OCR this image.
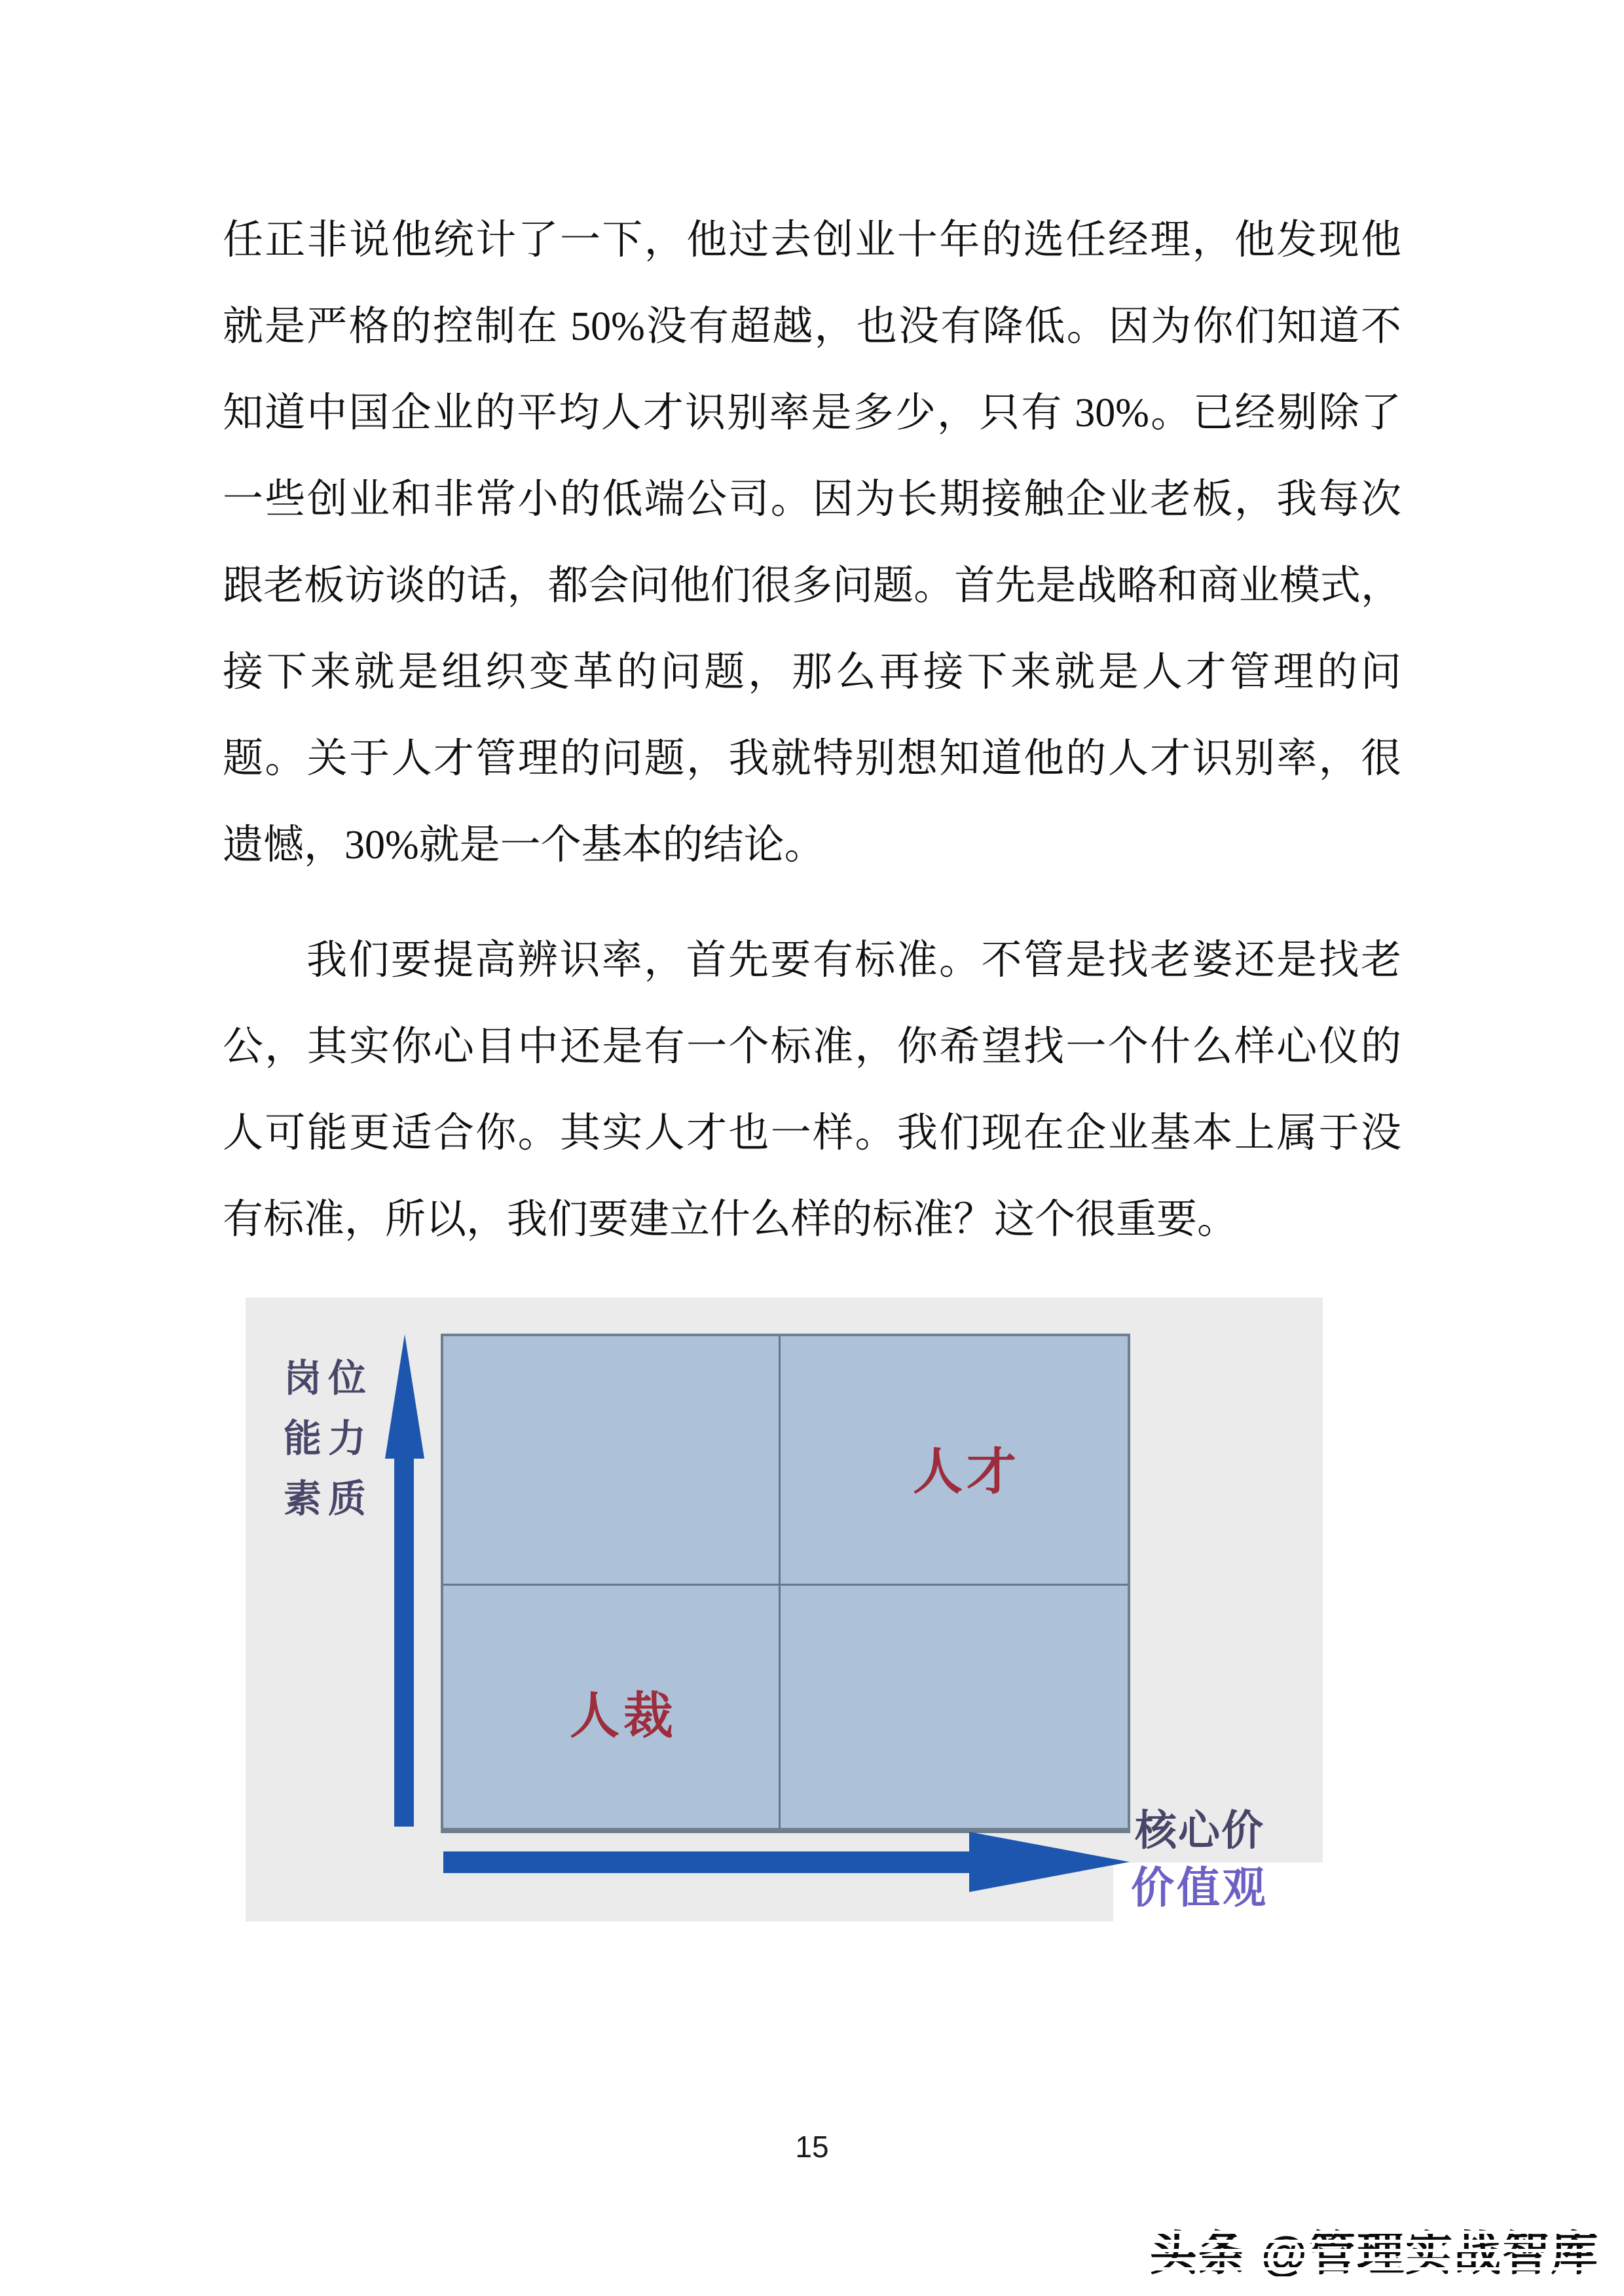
任正非说他统计了一下，他过去创业十年的选任经理，他发现他
就是严格的控制在 50%没有超越，也没有降低。因为你们知道不
知道中国企业的平均人才识别率是多少，只有 30%。已经剔除了
一些创业和非常小的低端公司。因为长期接触企业老板，我每次
跟老板访谈的话，都会问他们很多问题。首先是战略和商业模式，
接下来就是组织变革的问题，那么再接下来就是人才管理的问
题。关于人才管理的问题，我就特别想知道他的人才识别率，很
遗憾，30%就是一个基本的结论。
我们要提高辨识率，首先要有标准。不管是找老婆还是找老
公，其实你心目中还是有一个标准，你希望找一个什么样心仪的
人可能更适合你。其实人才也一样。我们现在企业基本上属于没
有标准，所以，我们要建立什么样的标准？这个很重要。
人才
人裁
岗位
能力
素质
核心价
价值观
15
头条 @管理实战智库
